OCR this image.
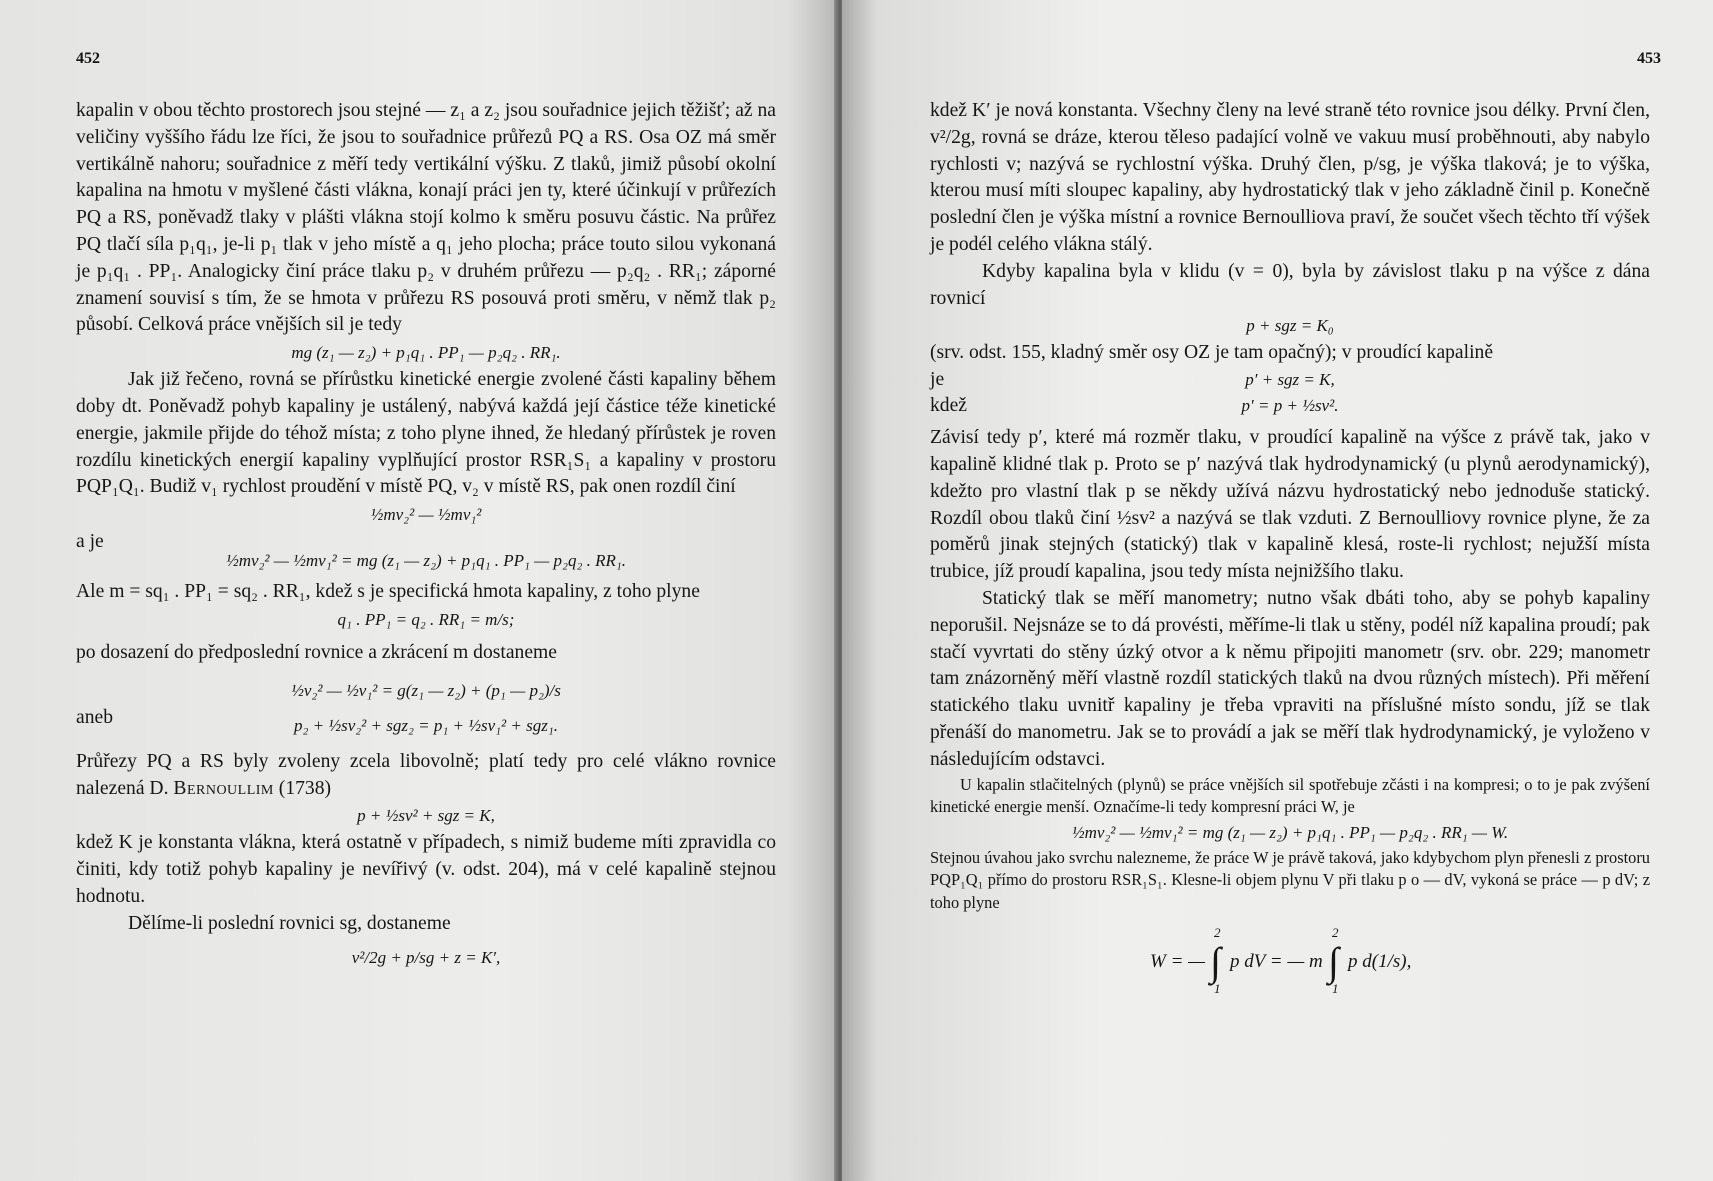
452

kapalin v obou těchto prostorech jsou stejné — z₁ a z₂ jsou souřadnice jejich těžišť; až na veličiny vyššího řádu lze říci, že jsou to souřadnice průřezů PQ a RS. Osa OZ má směr vertikálně nahoru; souřadnice z měří tedy vertikální výšku. Z tlaků, jimiž působí okolní kapalina na hmotu v myšlené části vlákna, konají práci jen ty, které účinkují v průřezích PQ a RS, poněvadž tlaky v plášti vlákna stojí kolmo k směru posuvu částic. Na průřez PQ tlačí síla p₁q₁, je-li p₁ tlak v jeho místě a q₁ jeho plocha; práce touto silou vykonaná je p₁q₁ . PP₁. Analogicky činí práce tlaku p₂ v druhém průřezu — p₂q₂ . RR₁; záporné znamení souvisí s tím, že se hmota v průřezu RS posouvá proti směru, v němž tlak p₂ působí. Celková práce vnějších sil je tedy

mg (z₁ — z₂) + p₁q₁ . PP₁ — p₂q₂ . RR₁.

Jak již řečeno, rovná se přírůstku kinetické energie zvolené části kapaliny během doby dt. Poněvadž pohyb kapaliny je ustálený, nabývá každá její částice téže kinetické energie, jakmile přijde do téhož místa; z toho plyne ihned, že hledaný přírůstek je roven rozdílu kinetických energií kapaliny vyplňující prostor RSR₁S₁ a kapaliny v prostoru PQP₁Q₁. Budiž v₁ rychlost proudění v místě PQ, v₂ v místě RS, pak onen rozdíl činí

½mv₂² — ½mv₁²
a je
½mv₂² — ½mv₁² = mg (z₁ — z₂) + p₁q₁ . PP₁ — p₂q₂ . RR₁.

Ale m = sq₁ . PP₁ = sq₂ . RR₁, kdež s je specifická hmota kapaliny, z toho plyne

q₁ . PP₁ = q₂ . RR₁ = m/s;

po dosazení do předposlední rovnice a zkrácení m dostaneme

½v₂² — ½v₁² = g(z₁ — z₂) + (p₁ — p₂)/s
aneb	p₂ + ½sv₂² + sgz₂ = p₁ + ½sv₁² + sgz₁.

Průřezy PQ a RS byly zvoleny zcela libovolně; platí tedy pro celé vlákno rovnice nalezená D. Bernoullim (1738)

p + ½sv² + sgz = K,

kdež K je konstanta vlákna, která ostatně v případech, s nimiž budeme míti zpravidla co činiti, kdy totiž pohyb kapaliny je nevířivý (v. odst. 204), má v celé kapalině stejnou hodnotu.

Dělíme-li poslední rovnici sg, dostaneme

v²/2g + p/sg + z = K′,
453

kdež K′ je nová konstanta. Všechny členy na levé straně této rovnice jsou délky. První člen, v²/2g, rovná se dráze, kterou těleso padající volně ve vakuu musí proběhnouti, aby nabylo rychlosti v; nazývá se rychlostní výška. Druhý člen, p/sg, je výška tlaková; je to výška, kterou musí míti sloupec kapaliny, aby hydrostatický tlak v jeho základně činil p. Konečně poslední člen je výška místní a rovnice Bernoulliova praví, že součet všech těchto tří výšek je podél celého vlákna stálý.

Kdyby kapalina byla v klidu (v = 0), byla by závislost tlaku p na výšce z dána rovnicí

p + sgz = K₀

(srv. odst. 155, kladný směr osy OZ je tam opačný); v proudící kapalině

je	p′ + sgz = K,
kdež	p′ = p + ½sv².

Závisí tedy p′, které má rozměr tlaku, v proudící kapalině na výšce z právě tak, jako v kapalině klidné tlak p. Proto se p′ nazývá tlak hydrodynamický (u plynů aerodynamický), kdežto pro vlastní tlak p se někdy užívá názvu hydrostatický nebo jednoduše statický. Rozdíl obou tlaků činí ½sv² a nazývá se tlak vzduti. Z Bernoulliovy rovnice plyne, že za poměrů jinak stejných (statický) tlak v kapalině klesá, roste-li rychlost; nejužší místa trubice, jíž proudí kapalina, jsou tedy místa nejnižšího tlaku.

Statický tlak se měří manometry; nutno však dbáti toho, aby se pohyb kapaliny neporušil. Nejsnáze se to dá provésti, měříme-li tlak u stěny, podél níž kapalina proudí; pak stačí vyvrtati do stěny úzký otvor a k němu připojiti manometr (srv. obr. 229; manometr tam znázorněný měří vlastně rozdíl statických tlaků na dvou různých místech). Při měření statického tlaku uvnitř kapaliny je třeba vpraviti na příslušné místo sondu, jíž se tlak přenáší do manometru. Jak se to provádí a jak se měří tlak hydrodynamický, je vyloženo v následujícím odstavci.

U kapalin stlačitelných (plynů) se práce vnějších sil spotřebuje zčásti i na kompresi; o to je pak zvýšení kinetické energie menší. Označíme-li tedy kompresní práci W, je

½mv₂² — ½mv₁² = mg (z₁ — z₂) + p₁q₁ . PP₁ — p₂q₂ . RR₁ — W.

Stejnou úvahou jako svrchu nalezneme, že práce W je právě taková, jako kdybychom plyn přenesli z prostoru PQP₁Q₁ přímo do prostoru RSR₁S₁. Klesne-li objem plynu V při tlaku p o — dV, vykoná se práce — p dV; z toho plyne

W = — ∫
2
1
p dV = — m ∫
2
1
p d(1/s),
